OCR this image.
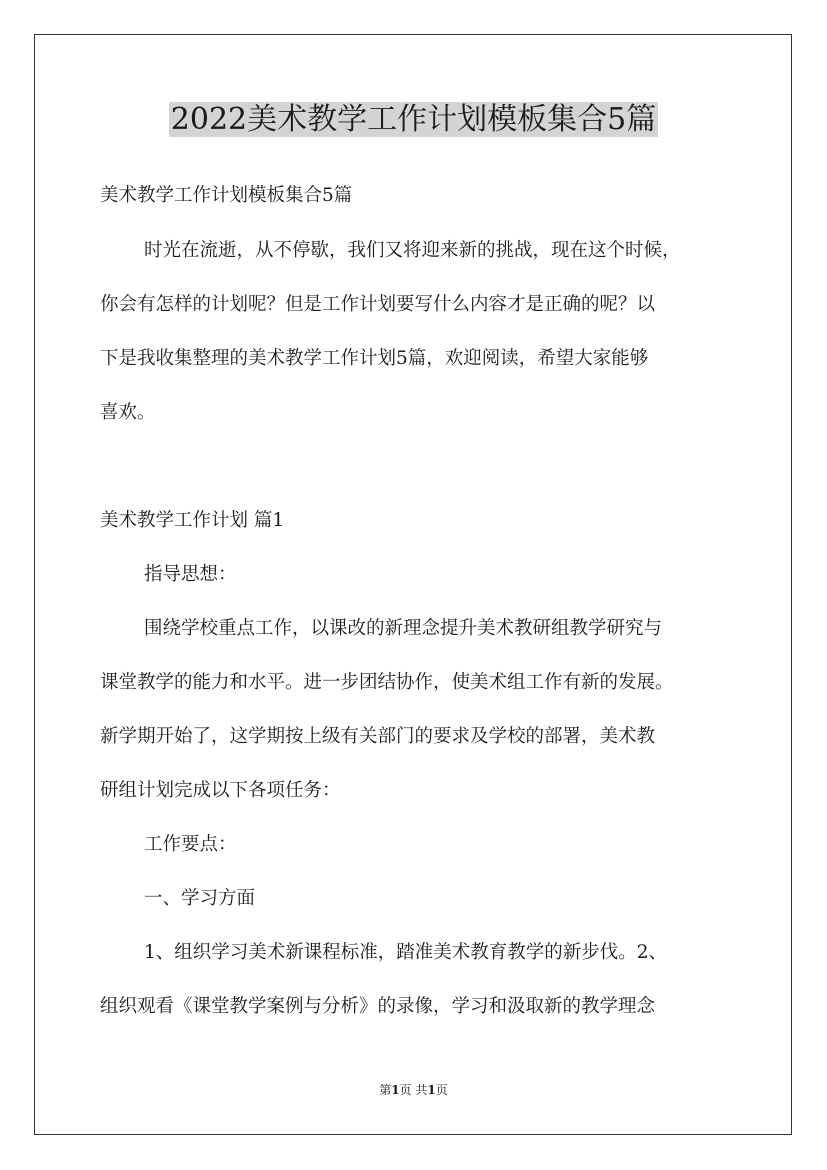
2022美术教学工作计划模板集合5篇
美术教学工作计划模板集合5篇
时光在流逝，从不停歇，我们又将迎来新的挑战，现在这个时候，
你会有怎样的计划呢？但是工作计划要写什么内容才是正确的呢？以
下是我收集整理的美术教学工作计划5篇，欢迎阅读，希望大家能够
喜欢。
美术教学工作计划 篇1
指导思想：
围绕学校重点工作，以课改的新理念提升美术教研组教学研究与
课堂教学的能力和水平。进一步团结协作，使美术组工作有新的发展。
新学期开始了，这学期按上级有关部门的要求及学校的部署，美术教
研组计划完成以下各项任务：
工作要点：
一、学习方面
1、组织学习美术新课程标准，踏准美术教育教学的新步伐。2、
组织观看《课堂教学案例与分析》的录像，学习和汲取新的教学理念
第1页 共1页
